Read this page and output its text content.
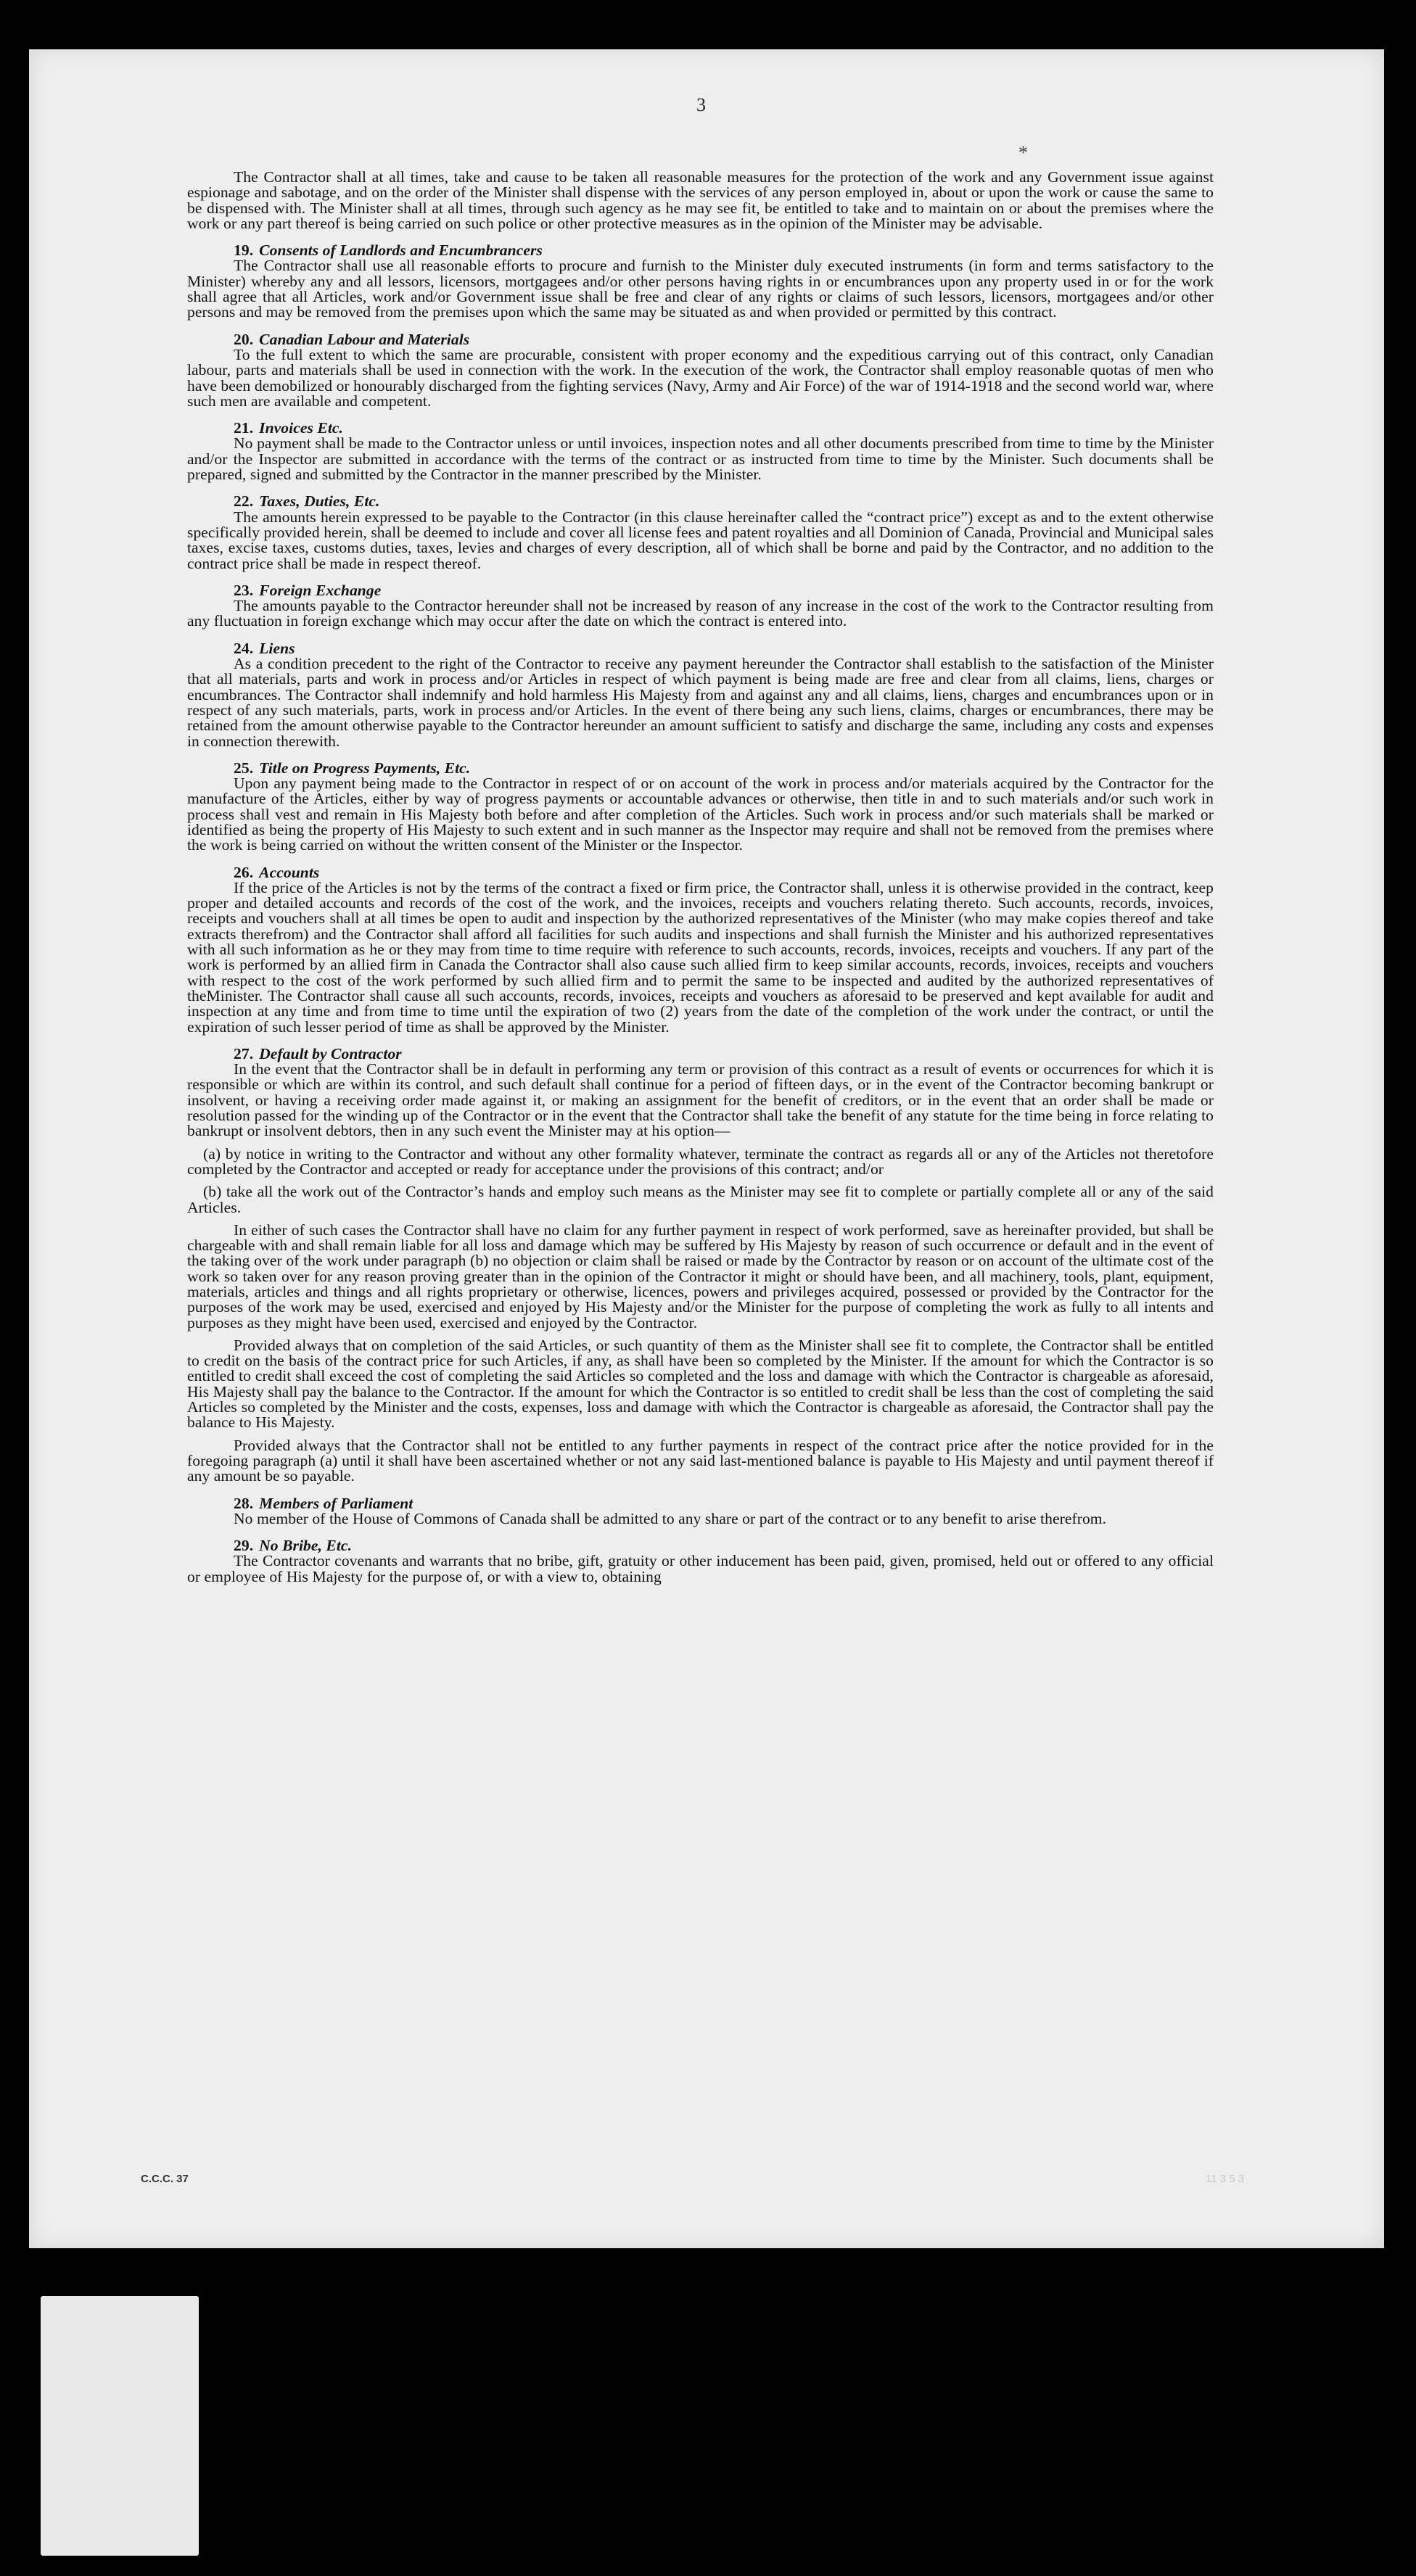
3
*

The Contractor shall at all times, take and cause to be taken all reasonable measures for the protection of the work and any Government issue against espionage and sabotage, and on the order of the Minister shall dispense with the services of any person employed in, about or upon the work or cause the same to be dispensed with. The Minister shall at all times, through such agency as he may see fit, be entitled to take and to maintain on or about the premises where the work or any part thereof is being carried on such police or other protective measures as in the opinion of the Minister may be advisable.

19. Consents of Landlords and Encumbrancers

The Contractor shall use all reasonable efforts to procure and furnish to the Minister duly executed instruments (in form and terms satisfactory to the Minister) whereby any and all lessors, licensors, mortgagees and/or other persons having rights in or encumbrances upon any property used in or for the work shall agree that all Articles, work and/or Government issue shall be free and clear of any rights or claims of such lessors, licensors, mortgagees and/or other persons and may be removed from the premises upon which the same may be situated as and when provided or permitted by this contract.

20. Canadian Labour and Materials

To the full extent to which the same are procurable, consistent with proper economy and the expeditious carrying out of this contract, only Canadian labour, parts and materials shall be used in connection with the work. In the execution of the work, the Contractor shall employ reasonable quotas of men who have been demobilized or honourably discharged from the fighting services (Navy, Army and Air Force) of the war of 1914-1918 and the second world war, where such men are available and competent.

21. Invoices Etc.

No payment shall be made to the Contractor unless or until invoices, inspection notes and all other documents prescribed from time to time by the Minister and/or the Inspector are submitted in accordance with the terms of the contract or as instructed from time to time by the Minister. Such documents shall be prepared, signed and submitted by the Contractor in the manner prescribed by the Minister.

22. Taxes, Duties, Etc.

The amounts herein expressed to be payable to the Contractor (in this clause hereinafter called the “contract price”) except as and to the extent otherwise specifically provided herein, shall be deemed to include and cover all license fees and patent royalties and all Dominion of Canada, Provincial and Municipal sales taxes, excise taxes, customs duties, taxes, levies and charges of every description, all of which shall be borne and paid by the Contractor, and no addition to the contract price shall be made in respect thereof.

23. Foreign Exchange

The amounts payable to the Contractor hereunder shall not be increased by reason of any increase in the cost of the work to the Contractor resulting from any fluctuation in foreign exchange which may occur after the date on which the contract is entered into.

24. Liens

As a condition precedent to the right of the Contractor to receive any payment hereunder the Contractor shall establish to the satisfaction of the Minister that all materials, parts and work in process and/or Articles in respect of which payment is being made are free and clear from all claims, liens, charges or encumbrances. The Contractor shall indemnify and hold harmless His Majesty from and against any and all claims, liens, charges and encumbrances upon or in respect of any such materials, parts, work in process and/or Articles. In the event of there being any such liens, claims, charges or encumbrances, there may be retained from the amount otherwise payable to the Contractor hereunder an amount sufficient to satisfy and discharge the same, including any costs and expenses in connection therewith.

25. Title on Progress Payments, Etc.

Upon any payment being made to the Contractor in respect of or on account of the work in process and/or materials acquired by the Contractor for the manufacture of the Articles, either by way of progress payments or accountable advances or otherwise, then title in and to such materials and/or such work in process shall vest and remain in His Majesty both before and after completion of the Articles. Such work in process and/or such materials shall be marked or identified as being the property of His Majesty to such extent and in such manner as the Inspector may require and shall not be removed from the premises where the work is being carried on without the written consent of the Minister or the Inspector.

26. Accounts

If the price of the Articles is not by the terms of the contract a fixed or firm price, the Contractor shall, unless it is otherwise provided in the contract, keep proper and detailed accounts and records of the cost of the work, and the invoices, receipts and vouchers relating thereto. Such accounts, records, invoices, receipts and vouchers shall at all times be open to audit and inspection by the authorized representatives of the Minister (who may make copies thereof and take extracts therefrom) and the Contractor shall afford all facilities for such audits and inspections and shall furnish the Minister and his authorized representatives with all such information as he or they may from time to time require with reference to such accounts, records, invoices, receipts and vouchers. If any part of the work is performed by an allied firm in Canada the Contractor shall also cause such allied firm to keep similar accounts, records, invoices, receipts and vouchers with respect to the cost of the work performed by such allied firm and to permit the same to be inspected and audited by the authorized representatives of theMinister. The Contractor shall cause all such accounts, records, invoices, receipts and vouchers as aforesaid to be preserved and kept available for audit and inspection at any time and from time to time until the expiration of two (2) years from the date of the completion of the work under the contract, or until the expiration of such lesser period of time as shall be approved by the Minister.

27. Default by Contractor

In the event that the Contractor shall be in default in performing any term or provision of this contract as a result of events or occurrences for which it is responsible or which are within its control, and such default shall continue for a period of fifteen days, or in the event of the Contractor becoming bankrupt or insolvent, or having a receiving order made against it, or making an assignment for the benefit of creditors, or in the event that an order shall be made or resolution passed for the winding up of the Contractor or in the event that the Contractor shall take the benefit of any statute for the time being in force relating to bankrupt or insolvent debtors, then in any such event the Minister may at his option—

(a) by notice in writing to the Contractor and without any other formality whatever, terminate the contract as regards all or any of the Articles not theretofore completed by the Contractor and accepted or ready for acceptance under the provisions of this contract; and/or

(b) take all the work out of the Contractor’s hands and employ such means as the Minister may see fit to complete or partially complete all or any of the said Articles.

In either of such cases the Contractor shall have no claim for any further payment in respect of work performed, save as hereinafter provided, but shall be chargeable with and shall remain liable for all loss and damage which may be suffered by His Majesty by reason of such occurrence or default and in the event of the taking over of the work under paragraph (b) no objection or claim shall be raised or made by the Contractor by reason or on account of the ultimate cost of the work so taken over for any reason proving greater than in the opinion of the Contractor it might or should have been, and all machinery, tools, plant, equipment, materials, articles and things and all rights proprietary or otherwise, licences, powers and privileges acquired, possessed or provided by the Contractor for the purposes of the work may be used, exercised and enjoyed by His Majesty and/or the Minister for the purpose of completing the work as fully to all intents and purposes as they might have been used, exercised and enjoyed by the Contractor.

Provided always that on completion of the said Articles, or such quantity of them as the Minister shall see fit to complete, the Contractor shall be entitled to credit on the basis of the contract price for such Articles, if any, as shall have been so completed by the Minister. If the amount for which the Contractor is so entitled to credit shall exceed the cost of completing the said Articles so completed and the loss and damage with which the Contractor is chargeable as aforesaid, His Majesty shall pay the balance to the Contractor. If the amount for which the Contractor is so entitled to credit shall be less than the cost of completing the said Articles so completed by the Minister and the costs, expenses, loss and damage with which the Contractor is chargeable as aforesaid, the Contractor shall pay the balance to His Majesty.

Provided always that the Contractor shall not be entitled to any further payments in respect of the contract price after the notice provided for in the foregoing paragraph (a) until it shall have been ascertained whether or not any said last-mentioned balance is payable to His Majesty and until payment thereof if any amount be so payable.

28. Members of Parliament

No member of the House of Commons of Canada shall be admitted to any share or part of the contract or to any benefit to arise therefrom.

29. No Bribe, Etc.

The Contractor covenants and warrants that no bribe, gift, gratuity or other inducement has been paid, given, promised, held out or offered to any official or employee of His Majesty for the purpose of, or with a view to, obtaining

C.C.C. 37	11 3 5 3
